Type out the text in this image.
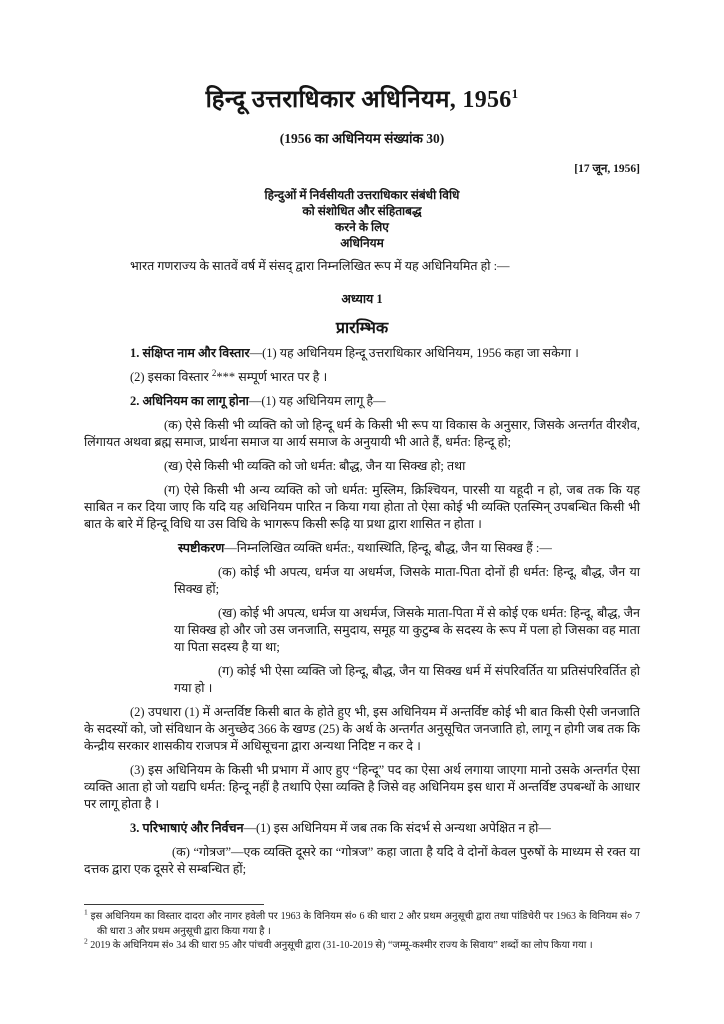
हिन्दू उत्तराधिकार अधिनियम, 1956$^1$
(1956 का अधिनियम संख्यांक 30)
[17 जून, 1956]
हिन्दुओं में निर्वसीयती उत्तराधिकार संबंधी विधि
को संशोधित और संहिताबद्ध
करने के लिए
अधिनियम

भारत गणराज्य के सातवें वर्ष में संसद् द्वारा निम्नलिखित रूप में यह अधिनियमित हो :—

अध्याय 1
प्रारम्भिक

1. संक्षिप्त नाम और विस्तार—(1) यह अधिनियम हिन्दू उत्तराधिकार अधिनियम, 1956 कहा जा सकेगा ।

(2) इसका विस्तार $^2$*** सम्पूर्ण भारत पर है ।

2. अधिनियम का लागू होना—(1) यह अधिनियम लागू है—

(क) ऐसे किसी भी व्यक्ति को जो हिन्दू धर्म के किसी भी रूप या विकास के अनुसार, जिसके अन्तर्गत वीरशैव, लिंगायत अथवा ब्रह्म समाज, प्रार्थना समाज या आर्य समाज के अनुयायी भी आते हैं, धर्मत: हिन्दू हो;

(ख) ऐसे किसी भी व्यक्ति को जो धर्मत: बौद्ध, जैन या सिक्ख हो; तथा

(ग) ऐसे किसी भी अन्य व्यक्ति को जो धर्मत: मुस्लिम, क्रिश्चियन, पारसी या यहूदी न हो, जब तक कि यह साबित न कर दिया जाए कि यदि यह अधिनियम पारित न किया गया होता तो ऐसा कोई भी व्यक्ति एतस्मिन् उपबन्धित किसी भी बात के बारे में हिन्दू विधि या उस विधि के भागरूप किसी रूढ़ि या प्रथा द्वारा शासित न होता ।

स्पष्टीकरण—निम्नलिखित व्यक्ति धर्मत:, यथास्थिति, हिन्दू, बौद्ध, जैन या सिक्ख हैं :—

(क) कोई भी अपत्य, धर्मज या अधर्मज, जिसके माता-पिता दोनों ही धर्मत: हिन्दू, बौद्ध, जैन या सिक्ख हों;

(ख) कोई भी अपत्य, धर्मज या अधर्मज, जिसके माता-पिता में से कोई एक धर्मत: हिन्दू, बौद्ध, जैन या सिक्ख हो और जो उस जनजाति, समुदाय, समूह या कुटुम्ब के सदस्य के रूप में पला हो जिसका वह माता या पिता सदस्य है या था;

(ग) कोई भी ऐसा व्यक्ति जो हिन्दू, बौद्ध, जैन या सिक्ख धर्म में संपरिवर्तित या प्रतिसंपरिवर्तित हो गया हो ।

(2) उपधारा (1) में अन्तर्विष्ट किसी बात के होते हुए भी, इस अधिनियम में अन्तर्विष्ट कोई भी बात किसी ऐसी जनजाति के सदस्यों को, जो संविधान के अनुच्छेद 366 के खण्ड (25) के अर्थ के अन्तर्गत अनुसूचित जनजाति हो, लागू न होगी जब तक कि केन्द्रीय सरकार शासकीय राजपत्र में अधिसूचना द्वारा अन्यथा निदिष्ट न कर दे ।

(3) इस अधिनियम के किसी भी प्रभाग में आए हुए “हिन्दू” पद का ऐसा अर्थ लगाया जाएगा मानो उसके अन्तर्गत ऐसा व्यक्ति आता हो जो यद्यपि धर्मत: हिन्दू नहीं है तथापि ऐसा व्यक्ति है जिसे वह अधिनियम इस धारा में अन्तर्विष्ट उपबन्धों के आधार पर लागू होता है ।

3. परिभाषाएं और निर्वचन—(1) इस अधिनियम में जब तक कि संदर्भ से अन्यथा अपेक्षित न हो—

(क) “गोत्रज”—एक व्यक्ति दूसरे का “गोत्रज” कहा जाता है यदि वे दोनों केवल पुरुषों के माध्यम से रक्त या दत्तक द्वारा एक दूसरे से सम्बन्धित हों;

$^1$ इस अधिनियम का विस्तार दादरा और नागर हवेली पर 1963 के विनियम सं० 6 की धारा 2 और प्रथम अनुसूची द्वारा तथा पांडिचेरी पर 1963 के विनियम सं० 7 की धारा 3 और प्रथम अनुसूची द्वारा किया गया है ।

$^2$ 2019 के अधिनियम सं० 34 की धारा 95 और पांचवी अनुसूची द्वारा (31-10-2019 से) “जम्मू-कश्मीर राज्य के सिवाय” शब्दों का लोप किया गया ।
